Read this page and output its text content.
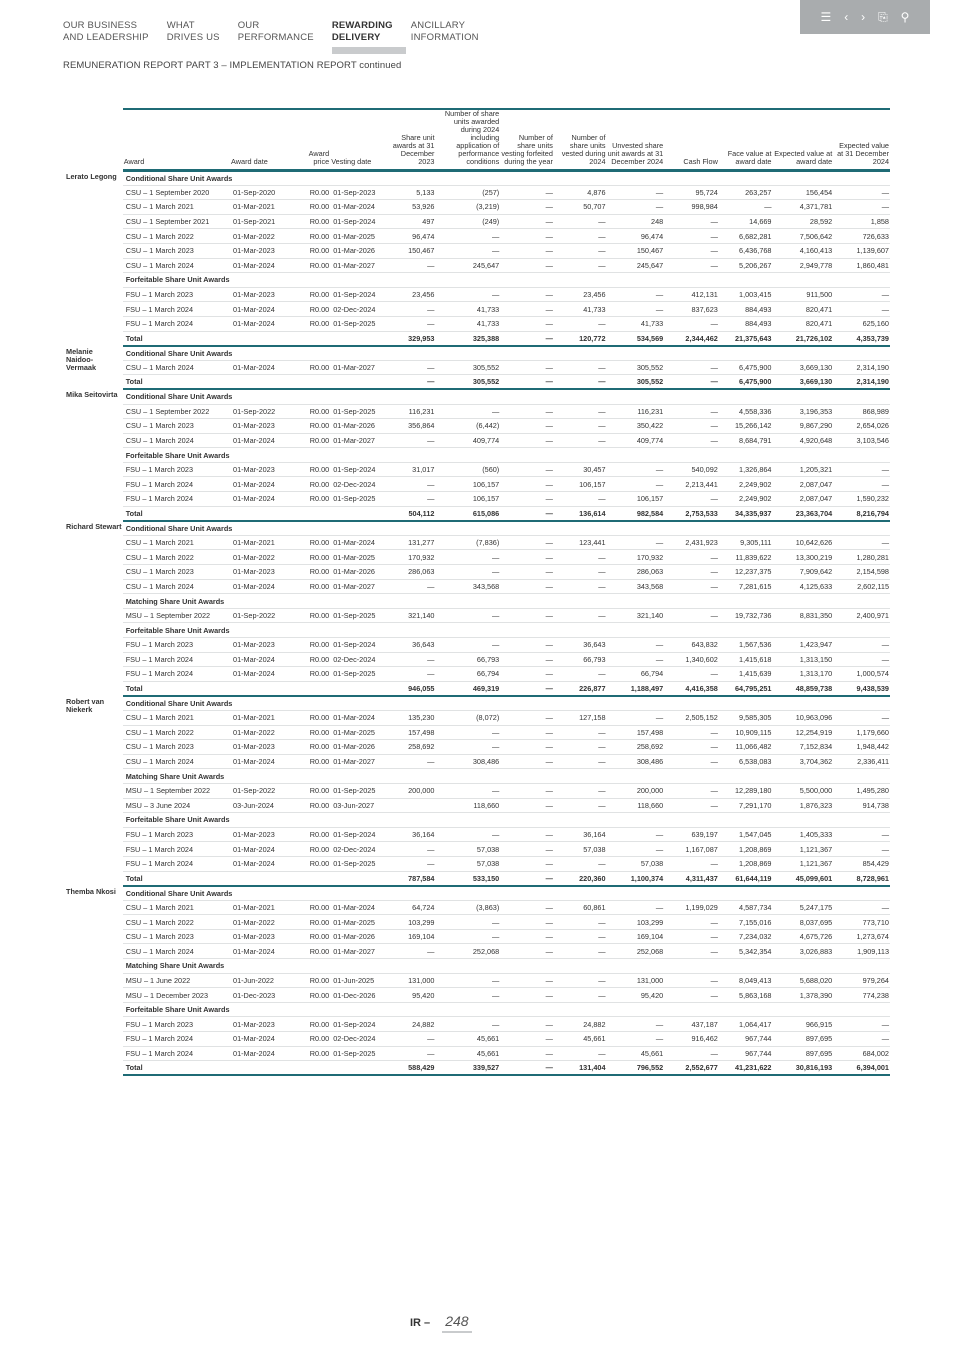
OUR BUSINESS
AND LEADERSHIP
WHAT
DRIVES US
OUR
PERFORMANCE
REWARDING
DELIVERY
ANCILLARY
INFORMATION
☰ ‹ › ⎘ ⚲
REMUNERATION REPORT PART 3 – IMPLEMENTATION REPORT continued
	Award	Award date	Award price	Vesting date	Share unit awards at 31 December 2023	Number of share units awarded during 2024 including application of performance conditions	Number of share units vesting forfeited during the year	Number of share units vested during 2024	Unvested share unit awards at 31 December 2024	Cash Flow	Face value at award date	Expected value at award date	Expected value at 31 December 2024
Lerato Legong	Conditional Share Unit Awards												
	CSU – 1 September 2020	01-Sep-2020	R0.00	01-Sep-2023	5,133	(257)	—	4,876	—	95,724	263,257	156,454	—
	CSU – 1 March 2021	01-Mar-2021	R0.00	01-Mar-2024	53,926	(3,219)	—	50,707	—	998,984	—	4,371,781	—
	CSU – 1 September 2021	01-Sep-2021	R0.00	01-Sep-2024	497	(249)	—	—	248	—	14,669	28,592	1,858
	CSU – 1 March 2022	01-Mar-2022	R0.00	01-Mar-2025	96,474	—	—	—	96,474	—	6,682,281	7,506,642	726,633
	CSU – 1 March 2023	01-Mar-2023	R0.00	01-Mar-2026	150,467	—	—	—	150,467	—	6,436,768	4,160,413	1,139,607
	CSU – 1 March 2024	01-Mar-2024	R0.00	01-Mar-2027	—	245,647	—	—	245,647	—	5,206,267	2,949,778	1,860,481
	Forfeitable Share Unit Awards												
	FSU – 1 March 2023	01-Mar-2023	R0.00	01-Sep-2024	23,456	—	—	23,456	—	412,131	1,003,415	911,500	—
	FSU – 1 March 2024	01-Mar-2024	R0.00	02-Dec-2024	—	41,733	—	41,733	—	837,623	884,493	820,471	—
	FSU – 1 March 2024	01-Mar-2024	R0.00	01-Sep-2025	—	41,733	—	—	41,733	—	884,493	820,471	625,160
	Total				329,953	325,388	—	120,772	534,569	2,344,462	21,375,643	21,726,102	4,353,739
Melanie Naidoo-Vermaak	Conditional Share Unit Awards												
	CSU – 1 March 2024	01-Mar-2024	R0.00	01-Mar-2027	—	305,552	—	—	305,552	—	6,475,900	3,669,130	2,314,190
	Total				—	305,552	—	—	305,552	—	6,475,900	3,669,130	2,314,190
Mika Seitovirta	Conditional Share Unit Awards												
	CSU – 1 September 2022	01-Sep-2022	R0.00	01-Sep-2025	116,231	—	—	—	116,231	—	4,558,336	3,196,353	868,989
	CSU – 1 March 2023	01-Mar-2023	R0.00	01-Mar-2026	356,864	(6,442)	—	—	350,422	—	15,266,142	9,867,290	2,654,026
	CSU – 1 March 2024	01-Mar-2024	R0.00	01-Mar-2027	—	409,774	—	—	409,774	—	8,684,791	4,920,648	3,103,546
	Forfeitable Share Unit Awards												
	FSU – 1 March 2023	01-Mar-2023	R0.00	01-Sep-2024	31,017	(560)	—	30,457	—	540,092	1,326,864	1,205,321	—
	FSU – 1 March 2024	01-Mar-2024	R0.00	02-Dec-2024	—	106,157	—	106,157	—	2,213,441	2,249,902	2,087,047	—
	FSU – 1 March 2024	01-Mar-2024	R0.00	01-Sep-2025	—	106,157	—	—	106,157	—	2,249,902	2,087,047	1,590,232
	Total				504,112	615,086	—	136,614	982,584	2,753,533	34,335,937	23,363,704	8,216,794
Richard Stewart	Conditional Share Unit Awards												
	CSU – 1 March 2021	01-Mar-2021	R0.00	01-Mar-2024	131,277	(7,836)	—	123,441	—	2,431,923	9,305,111	10,642,626	—
	CSU – 1 March 2022	01-Mar-2022	R0.00	01-Mar-2025	170,932	—	—	—	170,932	—	11,839,622	13,300,219	1,280,281
	CSU – 1 March 2023	01-Mar-2023	R0.00	01-Mar-2026	286,063	—	—	—	286,063	—	12,237,375	7,909,642	2,154,598
	CSU – 1 March 2024	01-Mar-2024	R0.00	01-Mar-2027	—	343,568	—	—	343,568	—	7,281,615	4,125,633	2,602,115
	Matching Share Unit Awards												
	MSU – 1 September 2022	01-Sep-2022	R0.00	01-Sep-2025	321,140	—	—	—	321,140	—	19,732,736	8,831,350	2,400,971
	Forfeitable Share Unit Awards												
	FSU – 1 March 2023	01-Mar-2023	R0.00	01-Sep-2024	36,643	—	—	36,643	—	643,832	1,567,536	1,423,947	—
	FSU – 1 March 2024	01-Mar-2024	R0.00	02-Dec-2024	—	66,793	—	66,793	—	1,340,602	1,415,618	1,313,150	—
	FSU – 1 March 2024	01-Mar-2024	R0.00	01-Sep-2025	—	66,794	—	—	66,794	—	1,415,639	1,313,170	1,000,574
	Total				946,055	469,319	—	226,877	1,188,497	4,416,358	64,795,251	48,859,738	9,438,539
Robert van Niekerk	Conditional Share Unit Awards												
	CSU – 1 March 2021	01-Mar-2021	R0.00	01-Mar-2024	135,230	(8,072)	—	127,158	—	2,505,152	9,585,305	10,963,096	—
	CSU – 1 March 2022	01-Mar-2022	R0.00	01-Mar-2025	157,498	—	—	—	157,498	—	10,909,115	12,254,919	1,179,660
	CSU – 1 March 2023	01-Mar-2023	R0.00	01-Mar-2026	258,692	—	—	—	258,692	—	11,066,482	7,152,834	1,948,442
	CSU – 1 March 2024	01-Mar-2024	R0.00	01-Mar-2027	—	308,486	—	—	308,486	—	6,538,083	3,704,362	2,336,411
	Matching Share Unit Awards												
	MSU – 1 September 2022	01-Sep-2022	R0.00	01-Sep-2025	200,000	—	—	—	200,000	—	12,289,180	5,500,000	1,495,280
	MSU – 3 June 2024	03-Jun-2024	R0.00	03-Jun-2027		118,660	—	—	118,660	—	7,291,170	1,876,323	914,738
	Forfeitable Share Unit Awards												
	FSU – 1 March 2023	01-Mar-2023	R0.00	01-Sep-2024	36,164	—	—	36,164	—	639,197	1,547,045	1,405,333	—
	FSU – 1 March 2024	01-Mar-2024	R0.00	02-Dec-2024	—	57,038	—	57,038	—	1,167,087	1,208,869	1,121,367	—
	FSU – 1 March 2024	01-Mar-2024	R0.00	01-Sep-2025	—	57,038	—	—	57,038	—	1,208,869	1,121,367	854,429
	Total				787,584	533,150	—	220,360	1,100,374	4,311,437	61,644,119	45,099,601	8,728,961
Themba Nkosi	Conditional Share Unit Awards												
	CSU – 1 March 2021	01-Mar-2021	R0.00	01-Mar-2024	64,724	(3,863)	—	60,861	—	1,199,029	4,587,734	5,247,175	—
	CSU – 1 March 2022	01-Mar-2022	R0.00	01-Mar-2025	103,299	—	—	—	103,299	—	7,155,016	8,037,695	773,710
	CSU – 1 March 2023	01-Mar-2023	R0.00	01-Mar-2026	169,104	—	—	—	169,104	—	7,234,032	4,675,726	1,273,674
	CSU – 1 March 2024	01-Mar-2024	R0.00	01-Mar-2027	—	252,068	—	—	252,068	—	5,342,354	3,026,883	1,909,113
	Matching Share Unit Awards												
	MSU – 1 June 2022	01-Jun-2022	R0.00	01-Jun-2025	131,000	—	—	—	131,000	—	8,049,413	5,688,020	979,264
	MSU – 1 December 2023	01-Dec-2023	R0.00	01-Dec-2026	95,420	—	—	—	95,420	—	5,863,168	1,378,390	774,238
	Forfeitable Share Unit Awards												
	FSU – 1 March 2023	01-Mar-2023	R0.00	01-Sep-2024	24,882	—	—	24,882	—	437,187	1,064,417	966,915	—
	FSU – 1 March 2024	01-Mar-2024	R0.00	02-Dec-2024	—	45,661	—	45,661	—	916,462	967,744	897,695	—
	FSU – 1 March 2024	01-Mar-2024	R0.00	01-Sep-2025	—	45,661	—	—	45,661	—	967,744	897,695	684,002
	Total				588,429	339,527	—	131,404	796,552	2,552,677	41,231,622	30,816,193	6,394,001
IR – 248
